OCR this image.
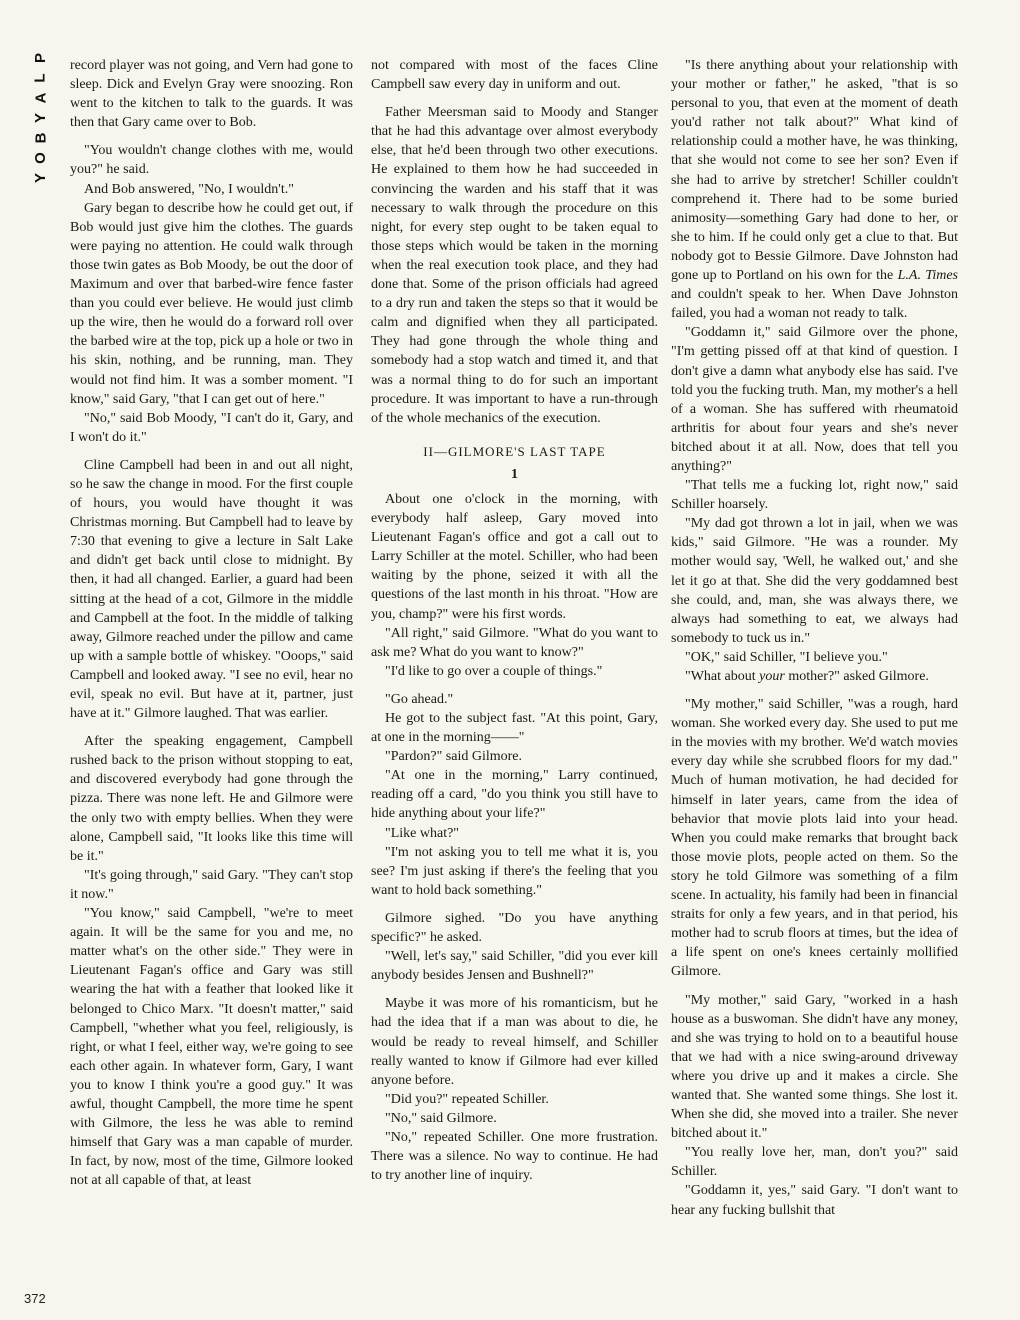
P
L
A
Y
B
O
Y

record player was not going, and Vern had gone to sleep. Dick and Evelyn Gray were snoozing. Ron went to the kitchen to talk to the guards. It was then that Gary came over to Bob.

"You wouldn't change clothes with me, would you?" he said.

And Bob answered, "No, I wouldn't."

Gary began to describe how he could get out, if Bob would just give him the clothes. The guards were paying no attention. He could walk through those twin gates as Bob Moody, be out the door of Maximum and over that barbed-wire fence faster than you could ever believe. He would just climb up the wire, then he would do a forward roll over the barbed wire at the top, pick up a hole or two in his skin, nothing, and be running, man. They would not find him. It was a somber moment. "I know," said Gary, "that I can get out of here."

"No," said Bob Moody, "I can't do it, Gary, and I won't do it."

Cline Campbell had been in and out all night, so he saw the change in mood. For the first couple of hours, you would have thought it was Christmas morning. But Campbell had to leave by 7:30 that evening to give a lecture in Salt Lake and didn't get back until close to midnight. By then, it had all changed. Earlier, a guard had been sitting at the head of a cot, Gilmore in the middle and Campbell at the foot. In the middle of talking away, Gilmore reached under the pillow and came up with a sample bottle of whiskey. "Ooops," said Campbell and looked away. "I see no evil, hear no evil, speak no evil. But have at it, partner, just have at it." Gilmore laughed. That was earlier.

After the speaking engagement, Campbell rushed back to the prison without stopping to eat, and discovered everybody had gone through the pizza. There was none left. He and Gilmore were the only two with empty bellies. When they were alone, Campbell said, "It looks like this time will be it."

"It's going through," said Gary. "They can't stop it now."

"You know," said Campbell, "we're to meet again. It will be the same for you and me, no matter what's on the other side." They were in Lieutenant Fagan's office and Gary was still wearing the hat with a feather that looked like it belonged to Chico Marx. "It doesn't matter," said Campbell, "whether what you feel, religiously, is right, or what I feel, either way, we're going to see each other again. In whatever form, Gary, I want you to know I think you're a good guy." It was awful, thought Campbell, the more time he spent with Gilmore, the less he was able to remind himself that Gary was a man capable of murder. In fact, by now, most of the time, Gilmore looked not at all capable of that, at least

not compared with most of the faces Cline Campbell saw every day in uniform and out.

Father Meersman said to Moody and Stanger that he had this advantage over almost everybody else, that he'd been through two other executions. He explained to them how he had succeeded in convincing the warden and his staff that it was necessary to walk through the procedure on this night, for every step ought to be taken equal to those steps which would be taken in the morning when the real execution took place, and they had done that. Some of the prison officials had agreed to a dry run and taken the steps so that it would be calm and dignified when they all participated. They had gone through the whole thing and somebody had a stop watch and timed it, and that was a normal thing to do for such an important procedure. It was important to have a run-through of the whole mechanics of the execution.

II—GILMORE'S LAST TAPE
1

About one o'clock in the morning, with everybody half asleep, Gary moved into Lieutenant Fagan's office and got a call out to Larry Schiller at the motel. Schiller, who had been waiting by the phone, seized it with all the questions of the last month in his throat. "How are you, champ?" were his first words.

"All right," said Gilmore. "What do you want to ask me? What do you want to know?"

"I'd like to go over a couple of things."

"Go ahead."

He got to the subject fast. "At this point, Gary, at one in the morning——"

"Pardon?" said Gilmore.

"At one in the morning," Larry continued, reading off a card, "do you think you still have to hide anything about your life?"

"Like what?"

"I'm not asking you to tell me what it is, you see? I'm just asking if there's the feeling that you want to hold back something."

Gilmore sighed. "Do you have anything specific?" he asked.

"Well, let's say," said Schiller, "did you ever kill anybody besides Jensen and Bushnell?"

Maybe it was more of his romanticism, but he had the idea that if a man was about to die, he would be ready to reveal himself, and Schiller really wanted to know if Gilmore had ever killed anyone before.

"Did you?" repeated Schiller.

"No," said Gilmore.

"No," repeated Schiller. One more frustration. There was a silence. No way to continue. He had to try another line of inquiry.

"Is there anything about your relationship with your mother or father," he asked, "that is so personal to you, that even at the moment of death you'd rather not talk about?" What kind of relationship could a mother have, he was thinking, that she would not come to see her son? Even if she had to arrive by stretcher! Schiller couldn't comprehend it. There had to be some buried animosity—something Gary had done to her, or she to him. If he could only get a clue to that. But nobody got to Bessie Gilmore. Dave Johnston had gone up to Portland on his own for the L.A. Times and couldn't speak to her. When Dave Johnston failed, you had a woman not ready to talk.

"Goddamn it," said Gilmore over the phone, "I'm getting pissed off at that kind of question. I don't give a damn what anybody else has said. I've told you the fucking truth. Man, my mother's a hell of a woman. She has suffered with rheumatoid arthritis for about four years and she's never bitched about it at all. Now, does that tell you anything?"

"That tells me a fucking lot, right now," said Schiller hoarsely.

"My dad got thrown a lot in jail, when we was kids," said Gilmore. "He was a rounder. My mother would say, 'Well, he walked out,' and she let it go at that. She did the very goddamned best she could, and, man, she was always there, we always had something to eat, we always had somebody to tuck us in."

"OK," said Schiller, "I believe you."

"What about your mother?" asked Gilmore.

"My mother," said Schiller, "was a rough, hard woman. She worked every day. She used to put me in the movies with my brother. We'd watch movies every day while she scrubbed floors for my dad." Much of human motivation, he had decided for himself in later years, came from the idea of behavior that movie plots laid into your head. When you could make remarks that brought back those movie plots, people acted on them. So the story he told Gilmore was something of a film scene. In actuality, his family had been in financial straits for only a few years, and in that period, his mother had to scrub floors at times, but the idea of a life spent on one's knees certainly mollified Gilmore.

"My mother," said Gary, "worked in a hash house as a buswoman. She didn't have any money, and she was trying to hold on to a beautiful house that we had with a nice swing-around driveway where you drive up and it makes a circle. She wanted that. She wanted some things. She lost it. When she did, she moved into a trailer. She never bitched about it."

"You really love her, man, don't you?" said Schiller.

"Goddamn it, yes," said Gary. "I don't want to hear any fucking bullshit that

372
